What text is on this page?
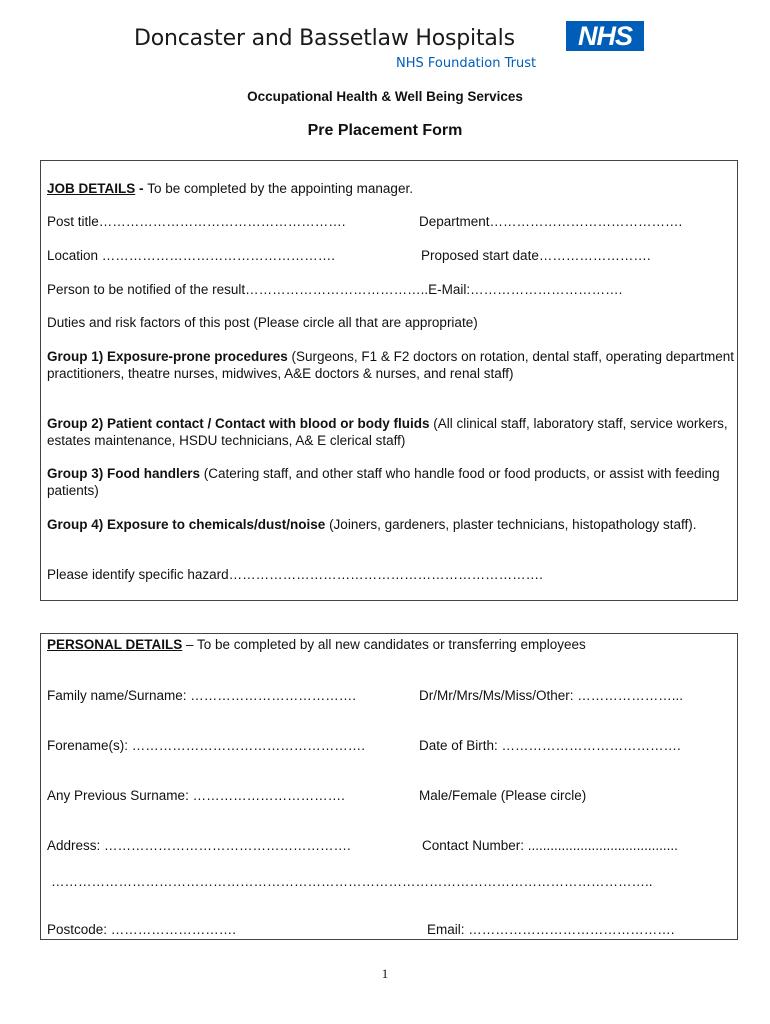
Doncaster and Bassetlaw Hospitals	NHS
NHS Foundation Trust
Occupational Health & Well Being Services
Pre Placement Form
JOB DETAILS - To be completed by the appointing manager.
Post title……………………………………………….	Department…………………………………….
Location …………………………………………….	Proposed start date…………………….
Person to be notified of the result…………………………………..E-Mail:…………………………….
Duties and risk factors of this post (Please circle all that are appropriate)
Group 1) Exposure-prone procedures (Surgeons, F1 & F2 doctors on rotation, dental staff, operating department practitioners, theatre nurses, midwives, A&E doctors & nurses, and renal staff)
Group 2) Patient contact / Contact with blood or body fluids (All clinical staff, laboratory staff, service workers, estates maintenance, HSDU technicians, A& E clerical staff)
Group 3) Food handlers (Catering staff, and other staff who handle food or food products, or assist with feeding patients)
Group 4) Exposure to chemicals/dust/noise (Joiners, gardeners, plaster technicians, histopathology staff).
Please identify specific hazard…………………………………………………………….
PERSONAL DETAILS – To be completed by all new candidates or transferring employees
Family name/Surname: ……………………………….	Dr/Mr/Mrs/Ms/Miss/Other: …………………...
Forename(s): …………………………………………….	Date of Birth: ………………………………….
Any Previous Surname: …………………………….	Male/Female (Please circle)
Address: ……………………………………………….	Contact Number: ........................................
……………………………………………………………………………………………………………………..
Postcode: ……………………….	Email: ……………………………………….
1
